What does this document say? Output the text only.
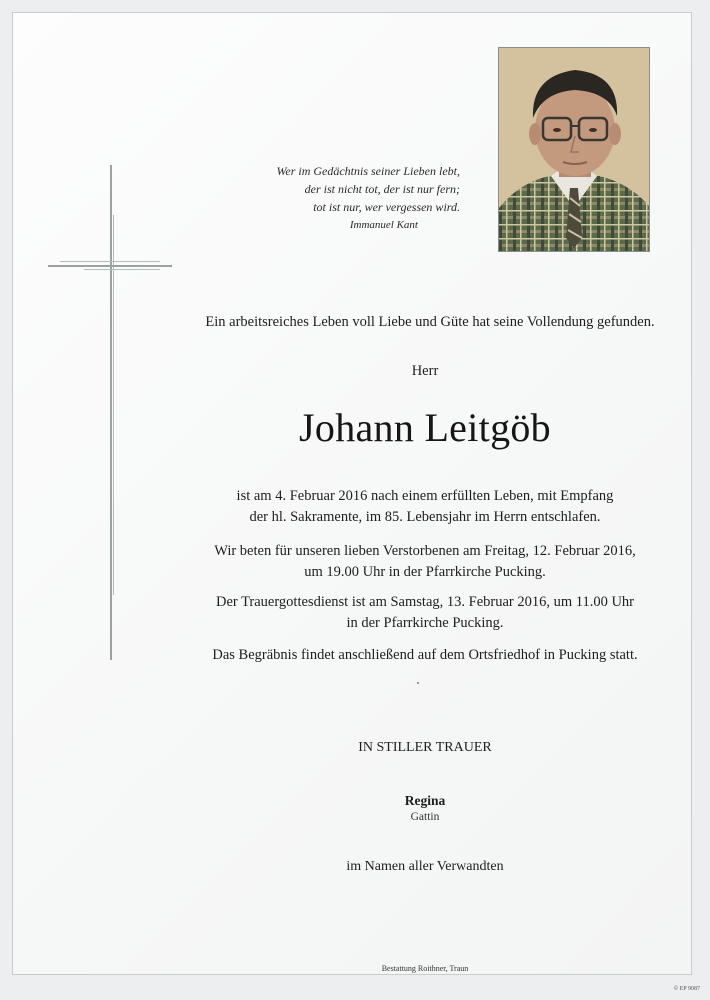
Wer im Gedächtnis seiner Lieben lebt,
der ist nicht tot, der ist nur fern;
tot ist nur, wer vergessen wird.
Immanuel Kant
Ein arbeitsreiches Leben voll Liebe und Güte hat seine Vollendung gefunden.
Herr
Johann Leitgöb
ist am 4. Februar 2016 nach einem erfüllten Leben, mit Empfang
der hl. Sakramente, im 85. Lebensjahr im Herrn entschlafen.
Wir beten für unseren lieben Verstorbenen am Freitag, 12. Februar 2016,
um 19.00 Uhr in der Pfarrkirche Pucking.
Der Trauergottesdienst ist am Samstag, 13. Februar 2016, um 11.00 Uhr
in der Pfarrkirche Pucking.
Das Begräbnis findet anschließend auf dem Ortsfriedhof in Pucking statt.
IN STILLER TRAUER
Regina
Gattin
im Namen aller Verwandten
Bestattung Roithner, Traun
© EP 9087
